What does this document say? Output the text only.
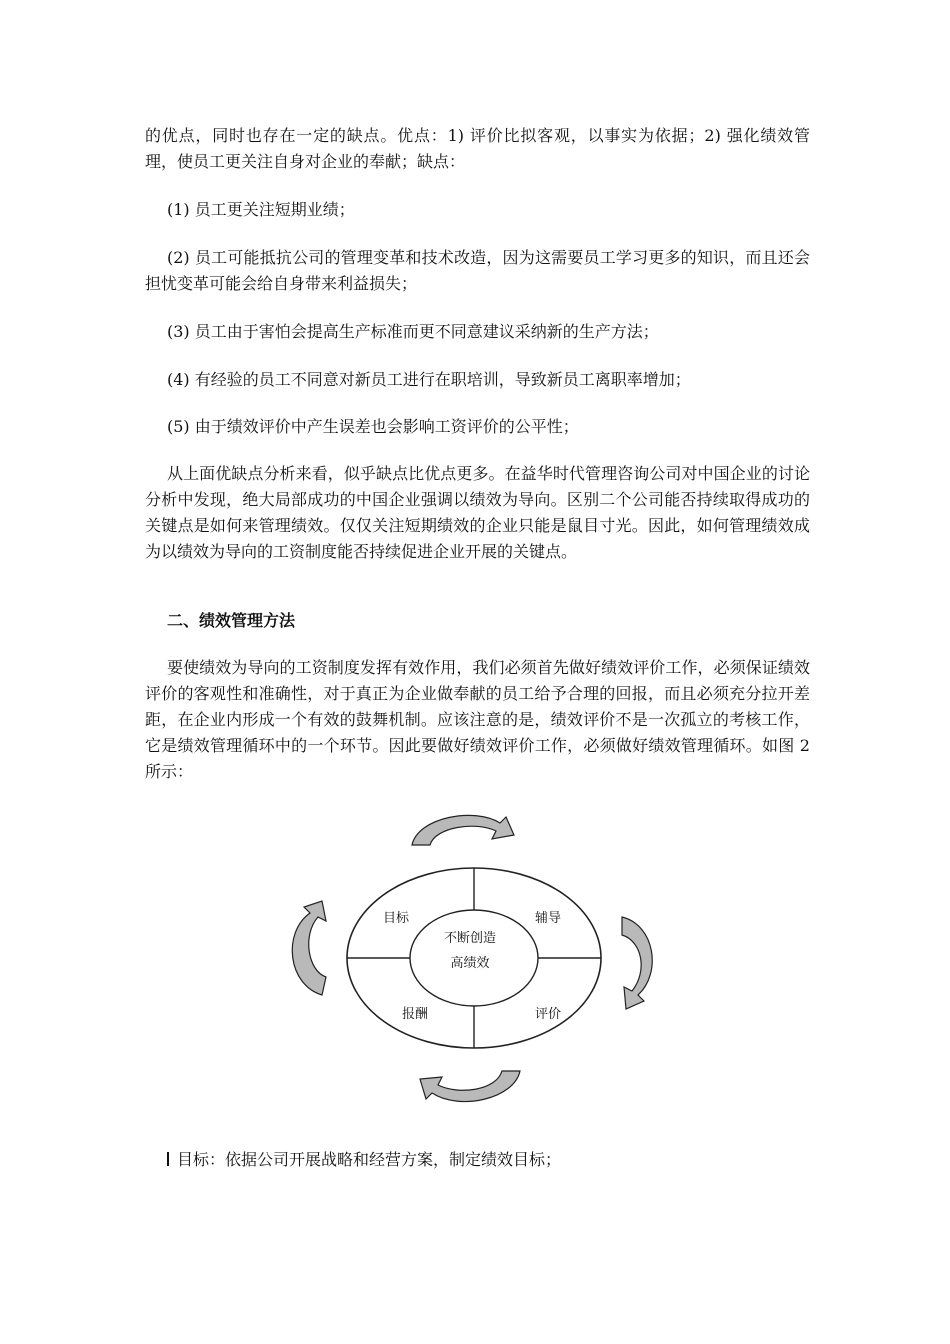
的优点，同时也存在一定的缺点。优点：1) 评价比拟客观，以事实为依据；2) 强化绩效管理，使员工更关注自身对企业的奉献；缺点：

(1) 员工更关注短期业绩；

(2) 员工可能抵抗公司的管理变革和技术改造，因为这需要员工学习更多的知识，而且还会担忧变革可能会给自身带来利益损失；

(3) 员工由于害怕会提高生产标准而更不同意建议采纳新的生产方法；

(4) 有经验的员工不同意对新员工进行在职培训，导致新员工离职率增加；

(5) 由于绩效评价中产生误差也会影响工资评价的公平性；

从上面优缺点分析来看，似乎缺点比优点更多。在益华时代管理咨询公司对中国企业的讨论分析中发现，绝大局部成功的中国企业强调以绩效为导向。区别二个公司能否持续取得成功的关键点是如何来管理绩效。仅仅关注短期绩效的企业只能是鼠目寸光。因此，如何管理绩效成为以绩效为导向的工资制度能否持续促进企业开展的关键点。

二、绩效管理方法

要使绩效为导向的工资制度发挥有效作用，我们必须首先做好绩效评价工作，必须保证绩效评价的客观性和准确性，对于真正为企业做奉献的员工给予合理的回报，而且必须充分拉开差距，在企业内形成一个有效的鼓舞机制。应该注意的是，绩效评价不是一次孤立的考核工作，它是绩效管理循环中的一个环节。因此要做好绩效评价工作，必须做好绩效管理循环。如图 2 所示：

不断创造
高绩效
目标	辅导
报酬	评价

目标：依据公司开展战略和经营方案，制定绩效目标；
